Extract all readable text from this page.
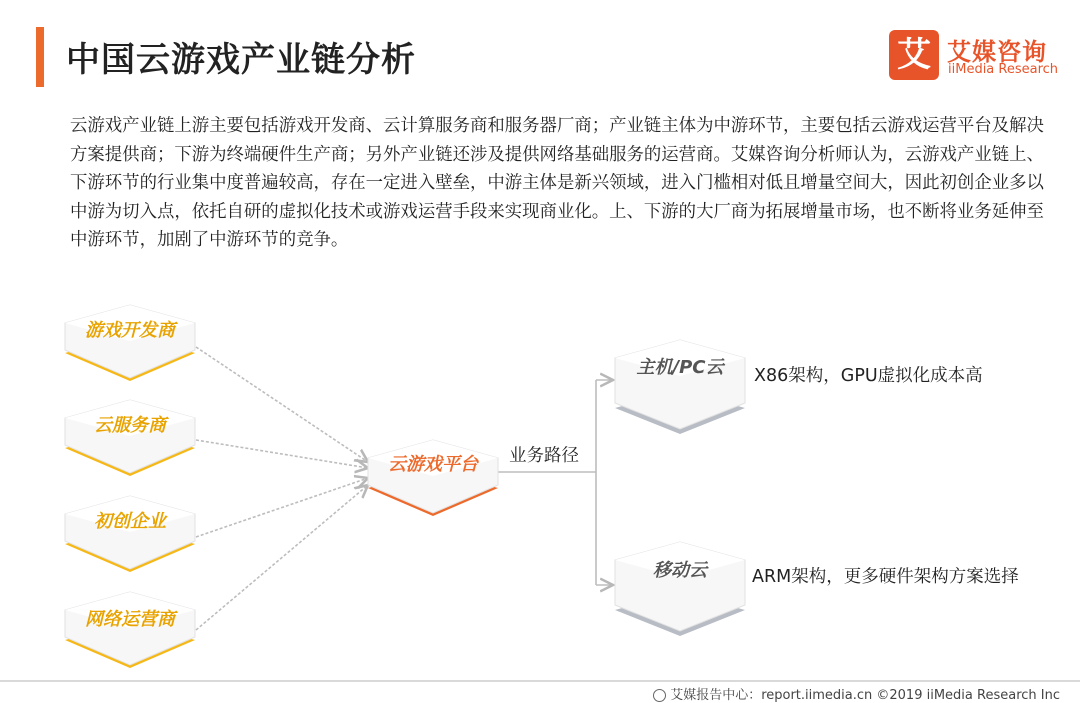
中国云游戏产业链分析	艾 艾媒咨询
iiMedia Research
云游戏产业链上游主要包括游戏开发商、云计算服务商和服务器厂商；产业链主体为中游环节，主要包括云游戏运营平台及解决方案提供商；下游为终端硬件生产商；另外产业链还涉及提供网络基础服务的运营商。艾媒咨询分析师认为，云游戏产业链上、下游环节的行业集中度普遍较高，存在一定进入壁垒，中游主体是新兴领域，进入门槛相对低且增量空间大，因此初创企业多以中游为切入点，依托自研的虚拟化技术或游戏运营手段来实现商业化。上、下游的大厂商为拓展增量市场，也不断将业务延伸至中游环节，加剧了中游环节的竞争。
业务路径
游戏开发商
云服务商
初创企业
网络运营商
云游戏平台
主机/PC云 X86架构，GPU虚拟化成本高
移动云	ARM架构，更多硬件架构方案选择
艾媒报告中心：report.iimedia.cn ©2019 iiMedia Research Inc
